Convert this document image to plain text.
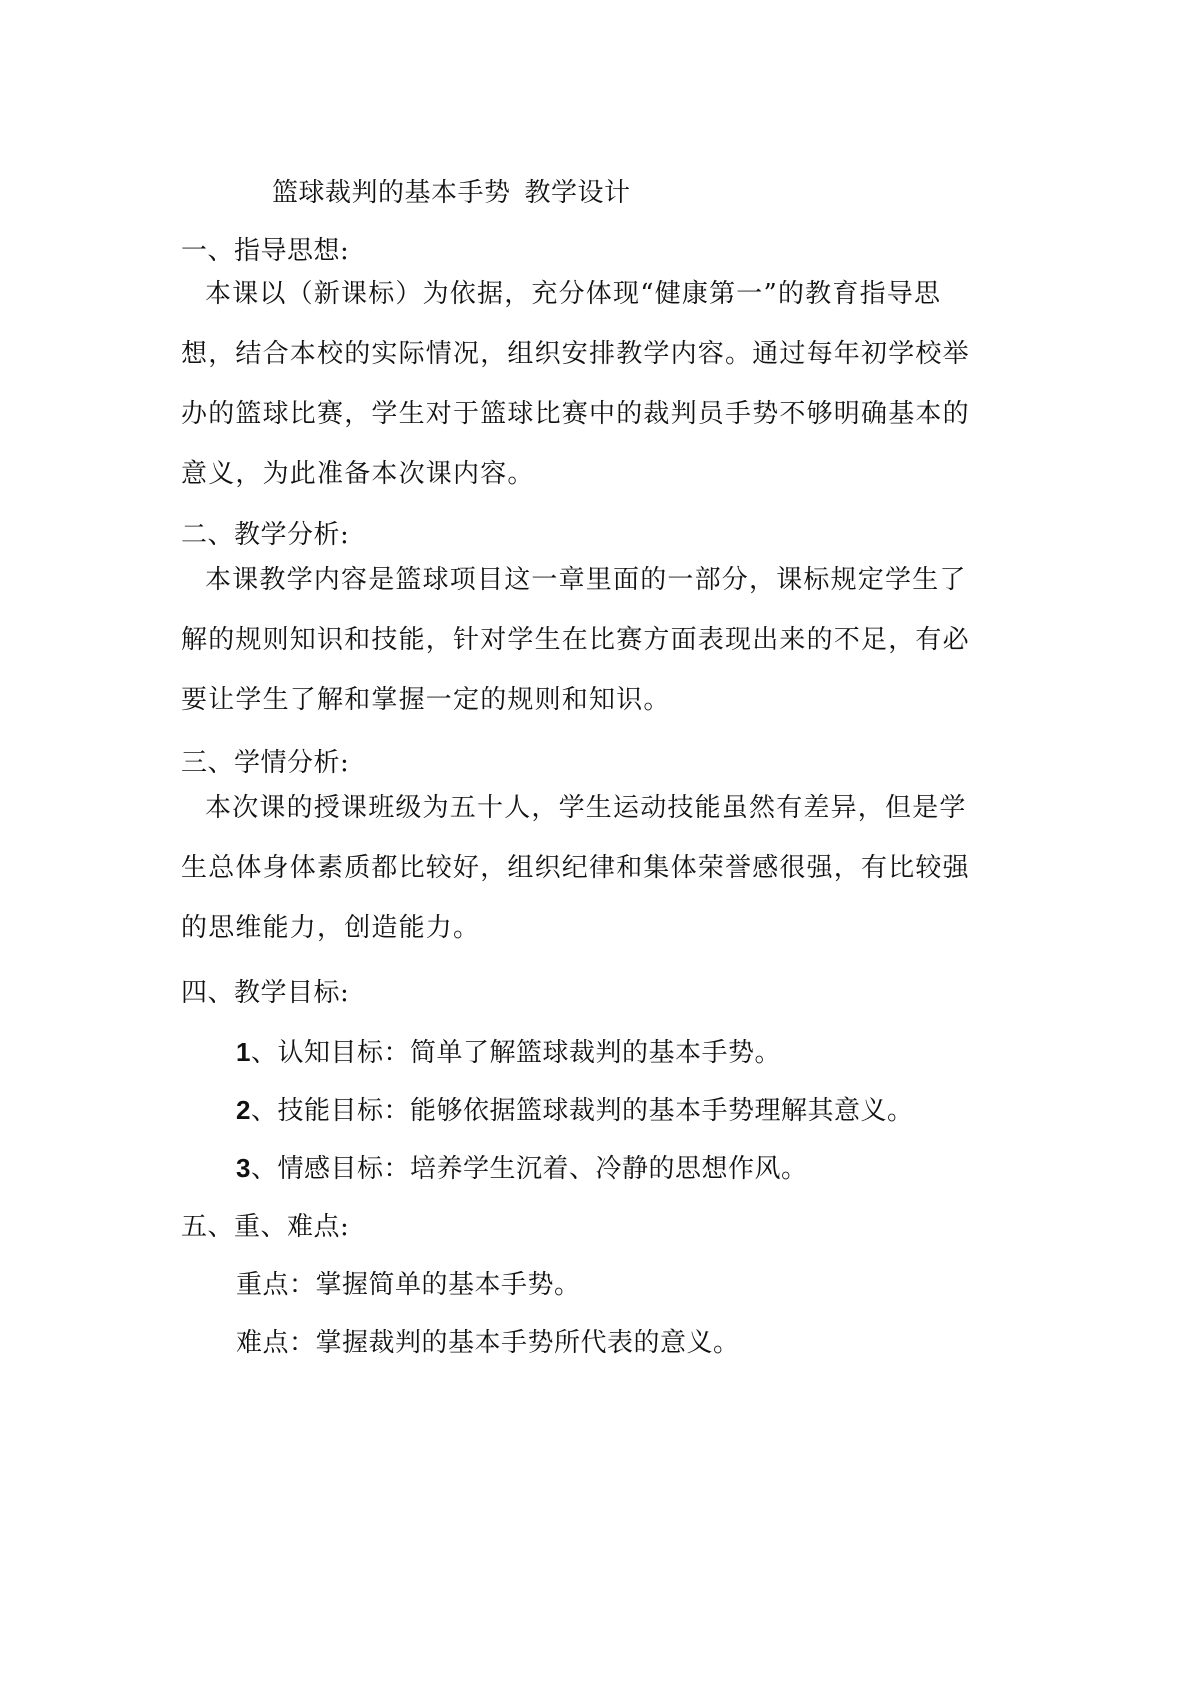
篮球裁判的基本手势 教学设计
一、指导思想:
本课以（新课标）为依据，充分体现“健康第一”的教育指导思
想，结合本校的实际情况，组织安排教学内容。通过每年初学校举
办的篮球比赛，学生对于篮球比赛中的裁判员手势不够明确基本的
意义，为此准备本次课内容。
二、教学分析:
本课教学内容是篮球项目这一章里面的一部分，课标规定学生了
解的规则知识和技能，针对学生在比赛方面表现出来的不足，有必
要让学生了解和掌握一定的规则和知识。
三、学情分析:
本次课的授课班级为五十人，学生运动技能虽然有差异，但是学
生总体身体素质都比较好，组织纪律和集体荣誉感很强，有比较强
的思维能力，创造能力。
四、教学目标:
1、认知目标：简单了解篮球裁判的基本手势。
2、技能目标：能够依据篮球裁判的基本手势理解其意义。
3、情感目标：培养学生沉着、冷静的思想作风。
五、重、难点:
重点：掌握简单的基本手势。
难点：掌握裁判的基本手势所代表的意义。
